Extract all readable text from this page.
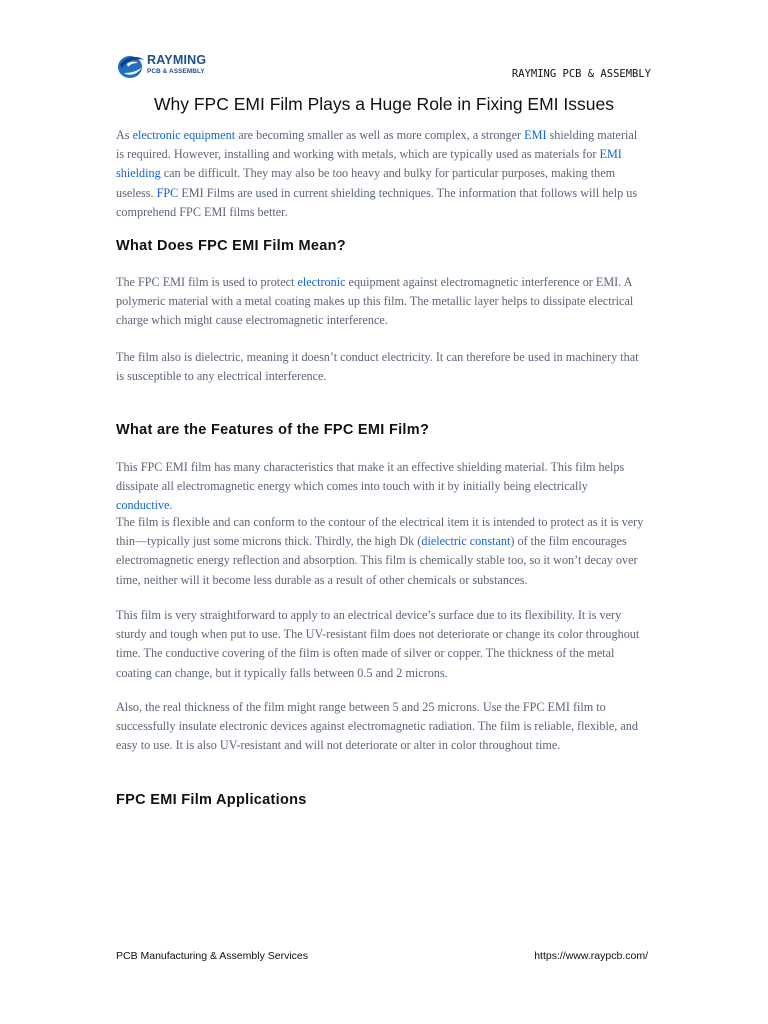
RAYMING
PCB & ASSEMBLY	RAYMING PCB & ASSEMBLY
Why FPC EMI Film Plays a Huge Role in Fixing EMI Issues

As electronic equipment are becoming smaller as well as more complex, a stronger EMI shielding material is required. However, installing and working with metals, which are typically used as materials for EMI shielding can be difficult. They may also be too heavy and bulky for particular purposes, making them useless. FPC EMI Films are used in current shielding techniques. The information that follows will help us comprehend FPC EMI films better.

What Does FPC EMI Film Mean?

The FPC EMI film is used to protect electronic equipment against electromagnetic interference or EMI. A polymeric material with a metal coating makes up this film. The metallic layer helps to dissipate electrical charge which might cause electromagnetic interference.

The film also is dielectric, meaning it doesn’t conduct electricity. It can therefore be used in machinery that is susceptible to any electrical interference.

What are the Features of the FPC EMI Film?

This FPC EMI film has many characteristics that make it an effective shielding material. This film helps dissipate all electromagnetic energy which comes into touch with it by initially being electrically conductive.

The film is flexible and can conform to the contour of the electrical item it is intended to protect as it is very thin—typically just some microns thick. Thirdly, the high Dk (dielectric constant) of the film encourages electromagnetic energy reflection and absorption. This film is chemically stable too, so it won’t decay over time, neither will it become less durable as a result of other chemicals or substances.

This film is very straightforward to apply to an electrical device’s surface due to its flexibility. It is very sturdy and tough when put to use. The UV-resistant film does not deteriorate or change its color throughout time. The conductive covering of the film is often made of silver or copper. The thickness of the metal coating can change, but it typically falls between 0.5 and 2 microns.

Also, the real thickness of the film might range between 5 and 25 microns. Use the FPC EMI film to successfully insulate electronic devices against electromagnetic radiation. The film is reliable, flexible, and easy to use. It is also UV-resistant and will not deteriorate or alter in color throughout time.

FPC EMI Film Applications
PCB Manufacturing & Assembly Services	https://www.raypcb.com/
